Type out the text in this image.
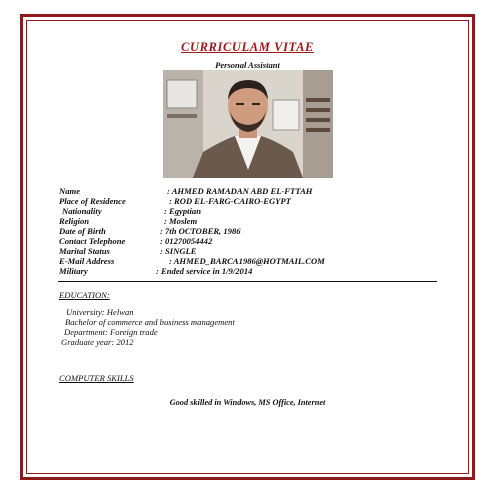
CURRICULAM VITAE
Personal Assistant
Name	: AHMED RAMADAN ABD EL-FTTAH
Place of Residence	: ROD EL-FARG-CAIRO-EGYPT
Nationality	: Egyptian
Religion	: Moslem
Date of Birth	: 7th OCTOBER, 1986
Contact Telephone	: 01270054442
Marital Status	: SINGLE
E-Mail Address	: AHMED_BARCA1986@HOTMAIL.COM
Military	: Ended service in 1/9/2014
EDUCATION:
University: Helwan
Bachelor of commerce and business management
Department: Foreign trade
Graduate year: 2012
COMPUTER SKILLS
Good skilled in Windows, MS Office, Internet
